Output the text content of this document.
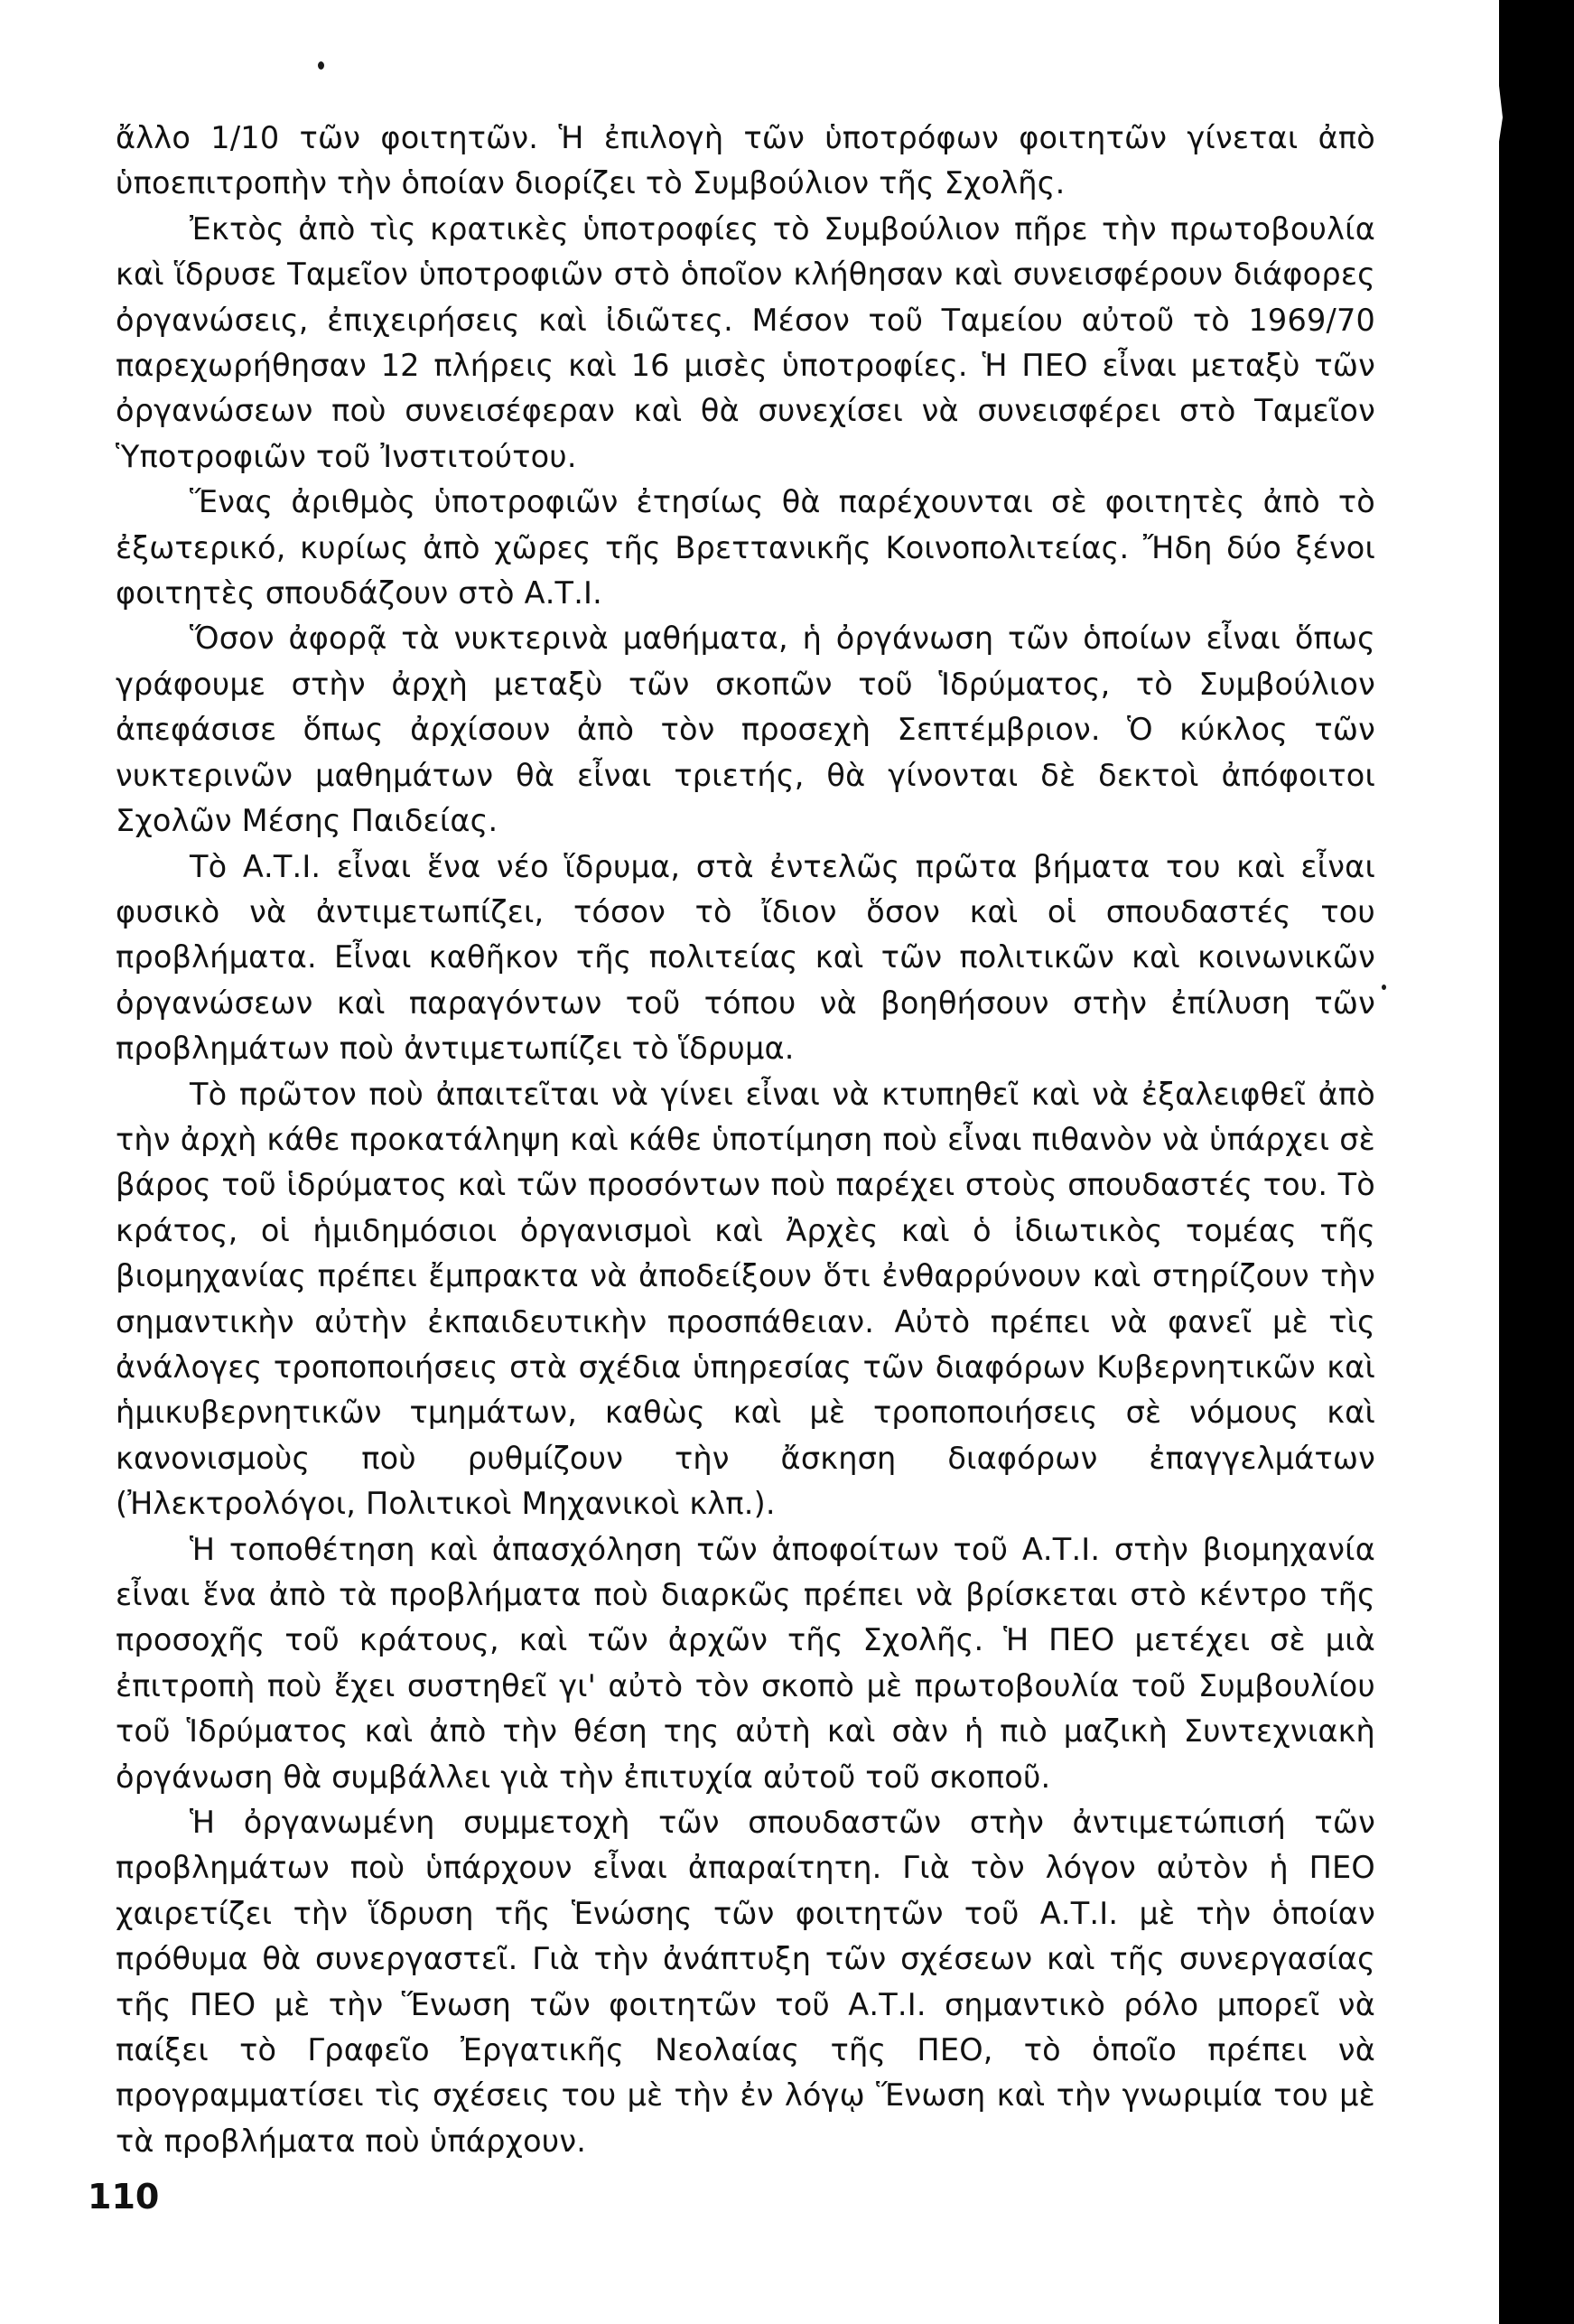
ἄλλο 1/10 τῶν φοιτητῶν. Ἡ ἐπιλογὴ τῶν ὑποτρόφων φοιτητῶν γίνεται ἀπὸ ὑποεπιτροπὴν τὴν ὁποίαν διορίζει τὸ Συμβούλιον τῆς Σχολῆς.

Ἐκτὸς ἀπὸ τὶς κρατικὲς ὑποτροφίες τὸ Συμβούλιον πῆρε τὴν πρωτοβουλία καὶ ἵδρυσε Ταμεῖον ὑποτροφιῶν στὸ ὁποῖον κλήθησαν καὶ συνεισφέρουν διάφορες ὀργανώσεις, ἐπιχειρήσεις καὶ ἰδιῶτες. Μέσον τοῦ Ταμείου αὐτοῦ τὸ 1969/70 παρεχωρήθησαν 12 πλήρεις καὶ 16 μισὲς ὑποτροφίες. Ἡ ΠΕΟ εἶναι μεταξὺ τῶν ὀργανώσεων ποὺ συνεισέφεραν καὶ θὰ συνεχίσει νὰ συνεισφέρει στὸ Ταμεῖον Ὑποτροφιῶν τοῦ Ἰνστιτούτου.

Ἕνας ἀριθμὸς ὑποτροφιῶν ἐτησίως θὰ παρέχουνται σὲ φοιτητὲς ἀπὸ τὸ ἐξωτερικό, κυρίως ἀπὸ χῶρες τῆς Βρεττανικῆς Κοινοπολιτείας. Ἤδη δύο ξένοι φοιτητὲς σπουδάζουν στὸ Α.Τ.Ι.

Ὅσον ἀφορᾷ τὰ νυκτερινὰ μαθήματα, ἡ ὀργάνωση τῶν ὁποίων εἶναι ὅπως γράφουμε στὴν ἀρχὴ μεταξὺ τῶν σκοπῶν τοῦ Ἱδρύματος, τὸ Συμβούλιον ἀπεφάσισε ὅπως ἀρχίσουν ἀπὸ τὸν προσεχὴ Σεπτέμβριον. Ὁ κύκλος τῶν νυκτερινῶν μαθημάτων θὰ εἶναι τριετής, θὰ γίνονται δὲ δεκτοὶ ἀπόφοιτοι Σχολῶν Μέσης Παιδείας.

Τὸ Α.Τ.Ι. εἶναι ἕνα νέο ἵδρυμα, στὰ ἐντελῶς πρῶτα βήματα του καὶ εἶναι φυσικὸ νὰ ἀντιμετωπίζει, τόσον τὸ ἴδιον ὅσον καὶ οἱ σπουδαστές του προβλήματα. Εἶναι καθῆκον τῆς πολιτείας καὶ τῶν πολιτικῶν καὶ κοινωνικῶν ὀργανώσεων καὶ παραγόντων τοῦ τόπου νὰ βοηθήσουν στὴν ἐπίλυση τῶν προβλημάτων ποὺ ἀντιμετωπίζει τὸ ἵδρυμα.

Τὸ πρῶτον ποὺ ἀπαιτεῖται νὰ γίνει εἶναι νὰ κτυπηθεῖ καὶ νὰ ἐξαλειφθεῖ ἀπὸ τὴν ἀρχὴ κάθε προκατάληψη καὶ κάθε ὑποτίμηση ποὺ εἶναι πιθανὸν νὰ ὑπάρχει σὲ βάρος τοῦ ἱδρύματος καὶ τῶν προσόντων ποὺ παρέχει στοὺς σπουδαστές του. Τὸ κράτος, οἱ ἡμιδημόσιοι ὀργανισμοὶ καὶ Ἀρχὲς καὶ ὁ ἰδιωτικὸς τομέας τῆς βιομηχανίας πρέπει ἔμπρακτα νὰ ἀποδείξουν ὅτι ἐνθαρρύνουν καὶ στηρίζουν τὴν σημαντικὴν αὐτὴν ἐκπαιδευτικὴν προσπάθειαν. Αὐτὸ πρέπει νὰ φανεῖ μὲ τὶς ἀνάλογες τροποποιήσεις στὰ σχέδια ὑπηρεσίας τῶν διαφόρων Κυβερνητικῶν καὶ ἡμικυβερνητικῶν τμημάτων, καθὼς καὶ μὲ τροποποιήσεις σὲ νόμους καὶ κανονισμοὺς ποὺ ρυθμίζουν τὴν ἄσκηση διαφόρων ἐπαγγελμάτων (Ἠλεκτρολόγοι, Πολιτικοὶ Μηχανικοὶ κλπ.).

Ἡ τοποθέτηση καὶ ἀπασχόληση τῶν ἀποφοίτων τοῦ Α.Τ.Ι. στὴν βιομηχανία εἶναι ἕνα ἀπὸ τὰ προβλήματα ποὺ διαρκῶς πρέπει νὰ βρίσκεται στὸ κέντρο τῆς προσοχῆς τοῦ κράτους, καὶ τῶν ἀρχῶν τῆς Σχολῆς. Ἡ ΠΕΟ μετέχει σὲ μιὰ ἐπιτροπὴ ποὺ ἔχει συστηθεῖ γι' αὐτὸ τὸν σκοπὸ μὲ πρωτοβουλία τοῦ Συμβουλίου τοῦ Ἱδρύματος καὶ ἀπὸ τὴν θέση της αὐτὴ καὶ σὰν ἡ πιὸ μαζικὴ Συντεχνιακὴ ὀργάνωση θὰ συμβάλλει γιὰ τὴν ἐπιτυχία αὐτοῦ τοῦ σκοποῦ.

Ἡ ὀργανωμένη συμμετοχὴ τῶν σπουδαστῶν στὴν ἀντιμετώπισή τῶν προβλημάτων ποὺ ὑπάρχουν εἶναι ἀπαραίτητη. Γιὰ τὸν λόγον αὐτὸν ἡ ΠΕΟ χαιρετίζει τὴν ἵδρυση τῆς Ἑνώσης τῶν φοιτητῶν τοῦ Α.Τ.Ι. μὲ τὴν ὁποίαν πρόθυμα θὰ συνεργαστεῖ. Γιὰ τὴν ἀνάπτυξη τῶν σχέσεων καὶ τῆς συνεργασίας τῆς ΠΕΟ μὲ τὴν Ἕνωση τῶν φοιτητῶν τοῦ Α.Τ.Ι. σημαντικὸ ρόλο μπορεῖ νὰ παίξει τὸ Γραφεῖο Ἐργατικῆς Νεολαίας τῆς ΠΕΟ, τὸ ὁποῖο πρέπει νὰ προγραμματίσει τὶς σχέσεις του μὲ τὴν ἐν λόγῳ Ἕνωση καὶ τὴν γνωριμία του μὲ τὰ προβλήματα ποὺ ὑπάρχουν.

110
